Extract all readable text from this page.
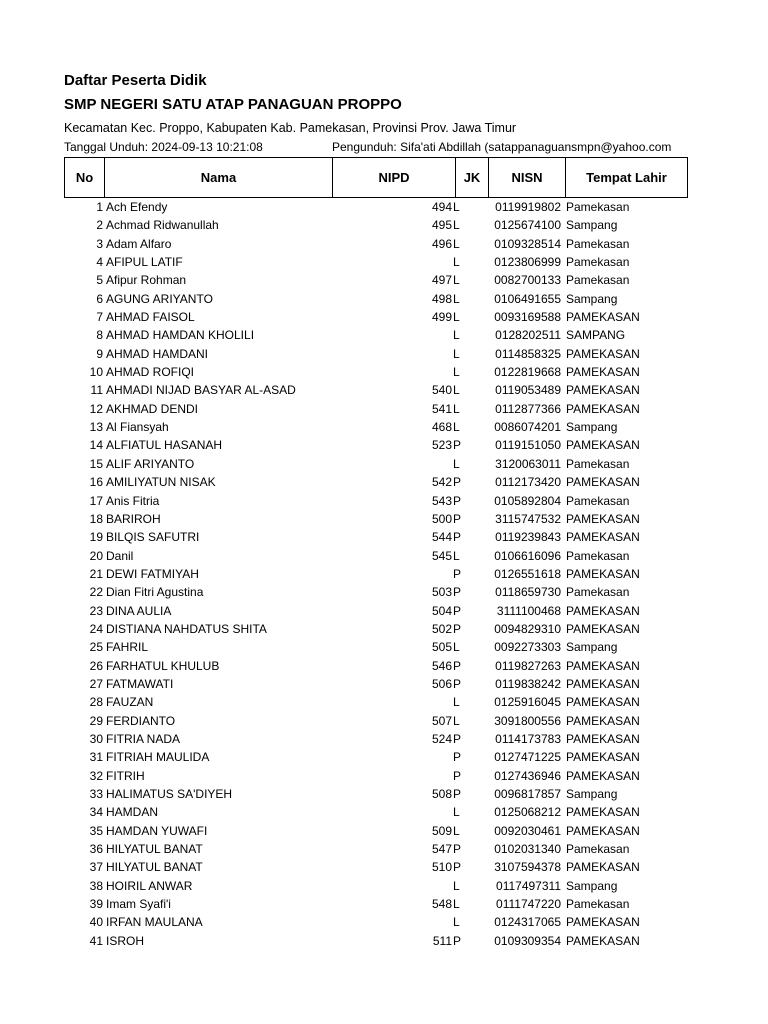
Daftar Peserta Didik
SMP NEGERI SATU ATAP PANAGUAN PROPPO
Kecamatan Kec. Proppo, Kabupaten Kab. Pamekasan, Provinsi Prov. Jawa Timur
Tanggal Unduh: 2024-09-13 10:21:08	Pengunduh: Sifa'ati Abdillah (satappanaguansmpn@yahoo.com
No	Nama	NIPD	JK	NISN	Tempat Lahir
1 Ach Efendy	494 L	0119919802 Pamekasan
2 Achmad Ridwanullah	495 L	0125674100 Sampang
3 Adam Alfaro	496 L	0109328514 Pamekasan
4 AFIPUL LATIF	L	0123806999 Pamekasan
5 Afipur Rohman	497 L	0082700133 Pamekasan
6 AGUNG ARIYANTO	498 L	0106491655 Sampang
7 AHMAD FAISOL	499 L	0093169588 PAMEKASAN
8 AHMAD HAMDAN KHOLILI	L	0128202511 SAMPANG
9 AHMAD HAMDANI	L	0114858325 PAMEKASAN
10 AHMAD ROFIQI	L	0122819668 PAMEKASAN
11 AHMADI NIJAD BASYAR AL-ASAD	540 L	0119053489 PAMEKASAN
12 AKHMAD DENDI	541 L	0112877366 PAMEKASAN
13 Al Fiansyah	468 L	0086074201 Sampang
14 ALFIATUL HASANAH	523 P	0119151050 PAMEKASAN
15 ALIF ARIYANTO	L	3120063011 Pamekasan
16 AMILIYATUN NISAK	542 P	0112173420 PAMEKASAN
17 Anis Fitria	543 P	0105892804 Pamekasan
18 BARIROH	500 P	3115747532 PAMEKASAN
19 BILQIS SAFUTRI	544 P	0119239843 PAMEKASAN
20 Danil	545 L	0106616096 Pamekasan
21 DEWI FATMIYAH	P	0126551618 PAMEKASAN
22 Dian Fitri Agustina	503 P	0118659730 Pamekasan
23 DINA AULIA	504 P	3111100468 PAMEKASAN
24 DISTIANA NAHDATUS SHITA	502 P	0094829310 PAMEKASAN
25 FAHRIL	505 L	0092273303 Sampang
26 FARHATUL KHULUB	546 P	0119827263 PAMEKASAN
27 FATMAWATI	506 P	0119838242 PAMEKASAN
28 FAUZAN	L	0125916045 PAMEKASAN
29 FERDIANTO	507 L	3091800556 PAMEKASAN
30 FITRIA NADA	524 P	0114173783 PAMEKASAN
31 FITRIAH MAULIDA	P	0127471225 PAMEKASAN
32 FITRIH	P	0127436946 PAMEKASAN
33 HALIMATUS SA'DIYEH	508 P	0096817857 Sampang
34 HAMDAN	L	0125068212 PAMEKASAN
35 HAMDAN YUWAFI	509 L	0092030461 PAMEKASAN
36 HILYATUL BANAT	547 P	0102031340 Pamekasan
37 HILYATUL BANAT	510 P	3107594378 PAMEKASAN
38 HOIRIL ANWAR	L	0117497311 Sampang
39 Imam Syafi'i	548 L	0111747220 Pamekasan
40 IRFAN MAULANA	L	0124317065 PAMEKASAN
41 ISROH	511 P	0109309354 PAMEKASAN
